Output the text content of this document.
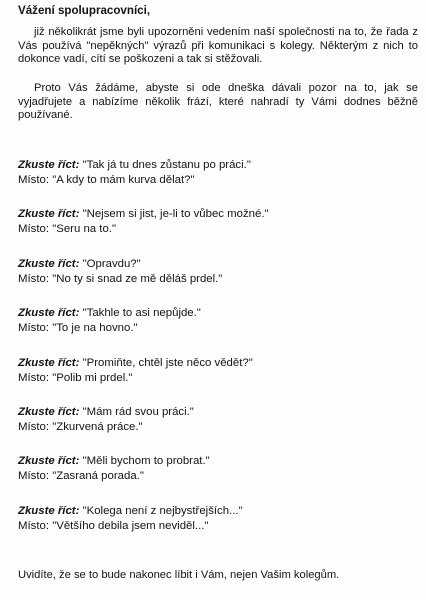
Vážení spolupracovníci,

již několikrát jsme byli upozorněni vedením naší společnosti na to, že řada z Vás používá "nepěkných" výrazů při komunikaci s kolegy. Některým z nich to dokonce vadí, cítí se poškozeni a tak si stěžovali.

Proto Vás žádáme, abyste si ode dneška dávali pozor na to, jak se vyjadřujete a nabízíme několik frází, které nahradí ty Vámi dodnes běžně používané.

Zkuste říct: "Tak já tu dnes zůstanu po práci."
Místo: "A kdy to mám kurva dělat?"
Zkuste říct: "Nejsem si jist, je-li to vůbec možné."
Místo: "Seru na to."
Zkuste říct: "Opravdu?"
Místo: "No ty si snad ze mě děláš prdel."
Zkuste říct: "Takhle to asi nepůjde."
Místo: "To je na hovno."
Zkuste říct: "Promiňte, chtěl jste něco vědět?"
Místo: "Polib mi prdel."
Zkuste říct: "Mám rád svou práci."
Místo: "Zkurvená práce."
Zkuste říct: "Měli bychom to probrat."
Místo: "Zasraná porada."
Zkuste říct: "Kolega není z nejbystřejších..."
Místo: "Většího debila jsem neviděl..."
Uvidíte, že se to bude nakonec líbit i Vám, nejen Vašim kolegům.
